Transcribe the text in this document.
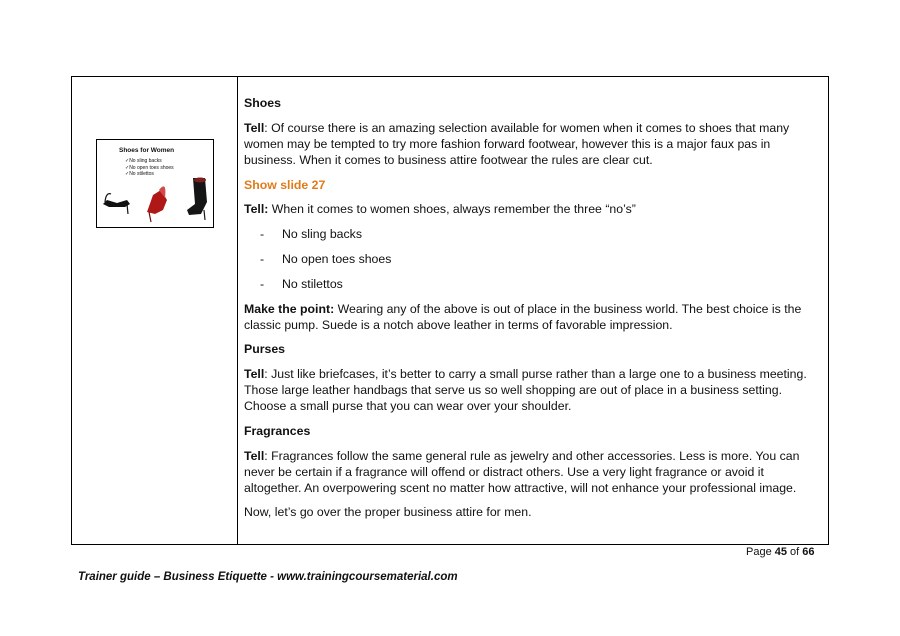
Shoes for Women
✓No sling backs
✓No open toes shoes
✓No stilettos

Shoes

Tell: Of course there is an amazing selection available for women when it comes to shoes that many women may be tempted to try more fashion forward footwear, however this is a major faux pas in business. When it comes to business attire footwear the rules are clear cut.

Show slide 27

Tell: When it comes to women shoes, always remember the three “no’s”

- No sling backs

- No open toes shoes

- No stilettos

Make the point: Wearing any of the above is out of place in the business world. The best choice is the classic pump. Suede is a notch above leather in terms of favorable impression.

Purses

Tell: Just like briefcases, it’s better to carry a small purse rather than a large one to a business meeting. Those large leather handbags that serve us so well shopping are out of place in a business setting. Choose a small purse that you can wear over your shoulder.

Fragrances

Tell: Fragrances follow the same general rule as jewelry and other accessories. Less is more. You can never be certain if a fragrance will offend or distract others. Use a very light fragrance or avoid it altogether. An overpowering scent no matter how attractive, will not enhance your professional image.

Now, let’s go over the proper business attire for men.

Page 45 of 66
Trainer guide – Business Etiquette - www.trainingcoursematerial.com
